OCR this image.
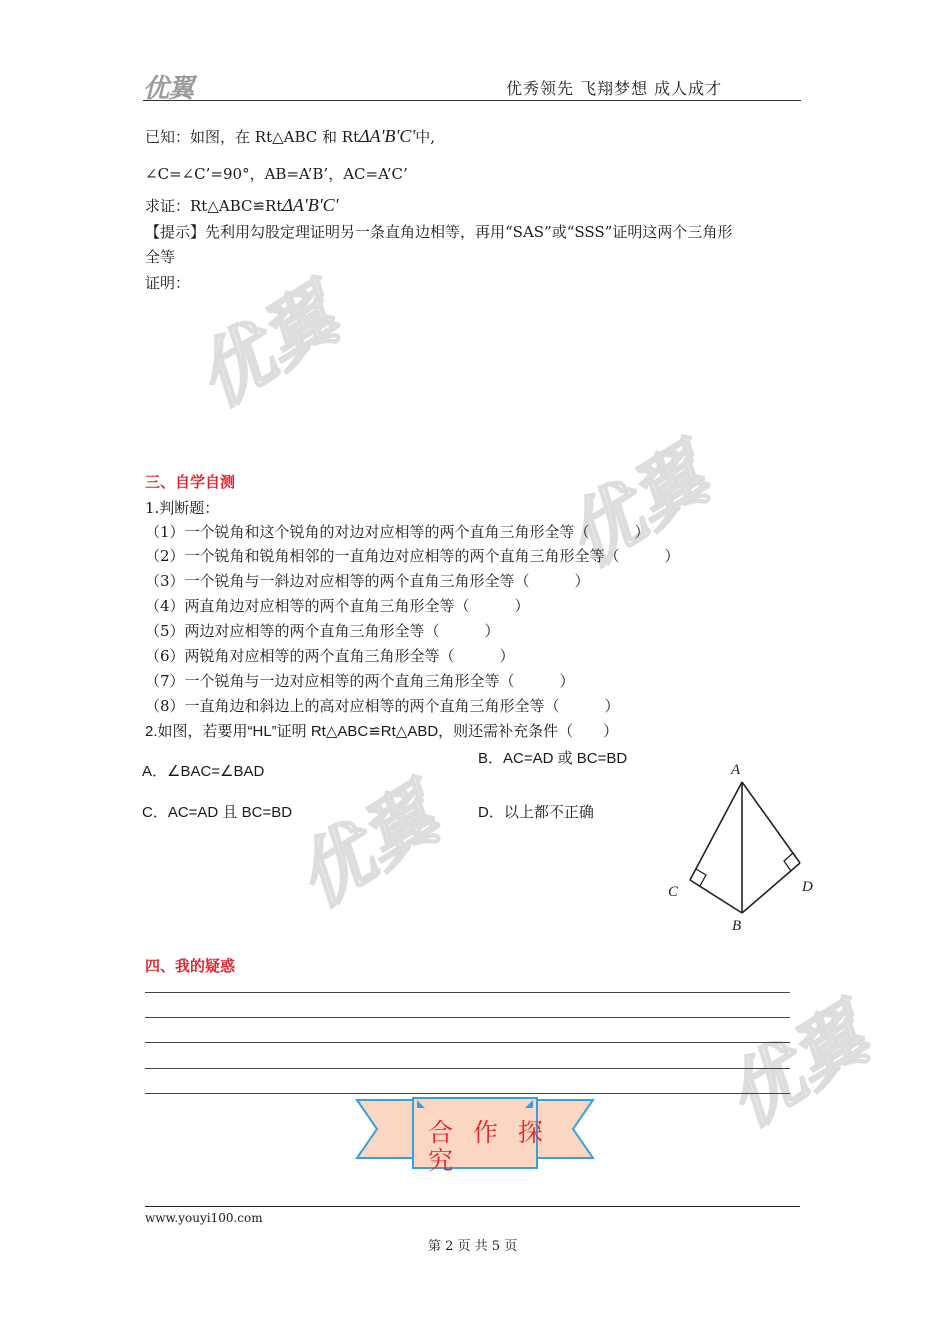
优翼
优翼
优翼
优翼
优翼	优秀领先 飞翔梦想 成人成才
已知：如图，在 Rt△ABC 和 RtΔA'B'C'中,
∠C=∠C’=90°，AB=A’B’，AC=A’C’
求证：Rt△ABC≌RtΔA'B'C'
【提示】先利用勾股定理证明另一条直角边相等，再用“SAS”或“SSS”证明这两个三角形
全等
证明：
三、自学自测
1.判断题：
（1）一个锐角和这个锐角的对边对应相等的两个直角三角形全等（　　　）
（2）一个锐角和锐角相邻的一直角边对应相等的两个直角三角形全等（　　　）
（3）一个锐角与一斜边对应相等的两个直角三角形全等（　　　）
（4）两直角边对应相等的两个直角三角形全等（　　　）
（5）两边对应相等的两个直角三角形全等（　　　）
（6）两锐角对应相等的两个直角三角形全等（　　　）
（7）一个锐角与一边对应相等的两个直角三角形全等（　　　）
（8）一直角边和斜边上的高对应相等的两个直角三角形全等（　　　）
2.如图，若要用“HL”证明 Rt△ABC≌Rt△ABD，则还需补充条件（　　）
A．∠BAC=∠BAD
B．AC=AD 或 BC=BD
C．AC=AD 且 BC=BD	D．以上都不正确
A
C	D
B
四、我的疑惑
合 作 探
究
www.youyi100.com
第 2 页 共 5 页
